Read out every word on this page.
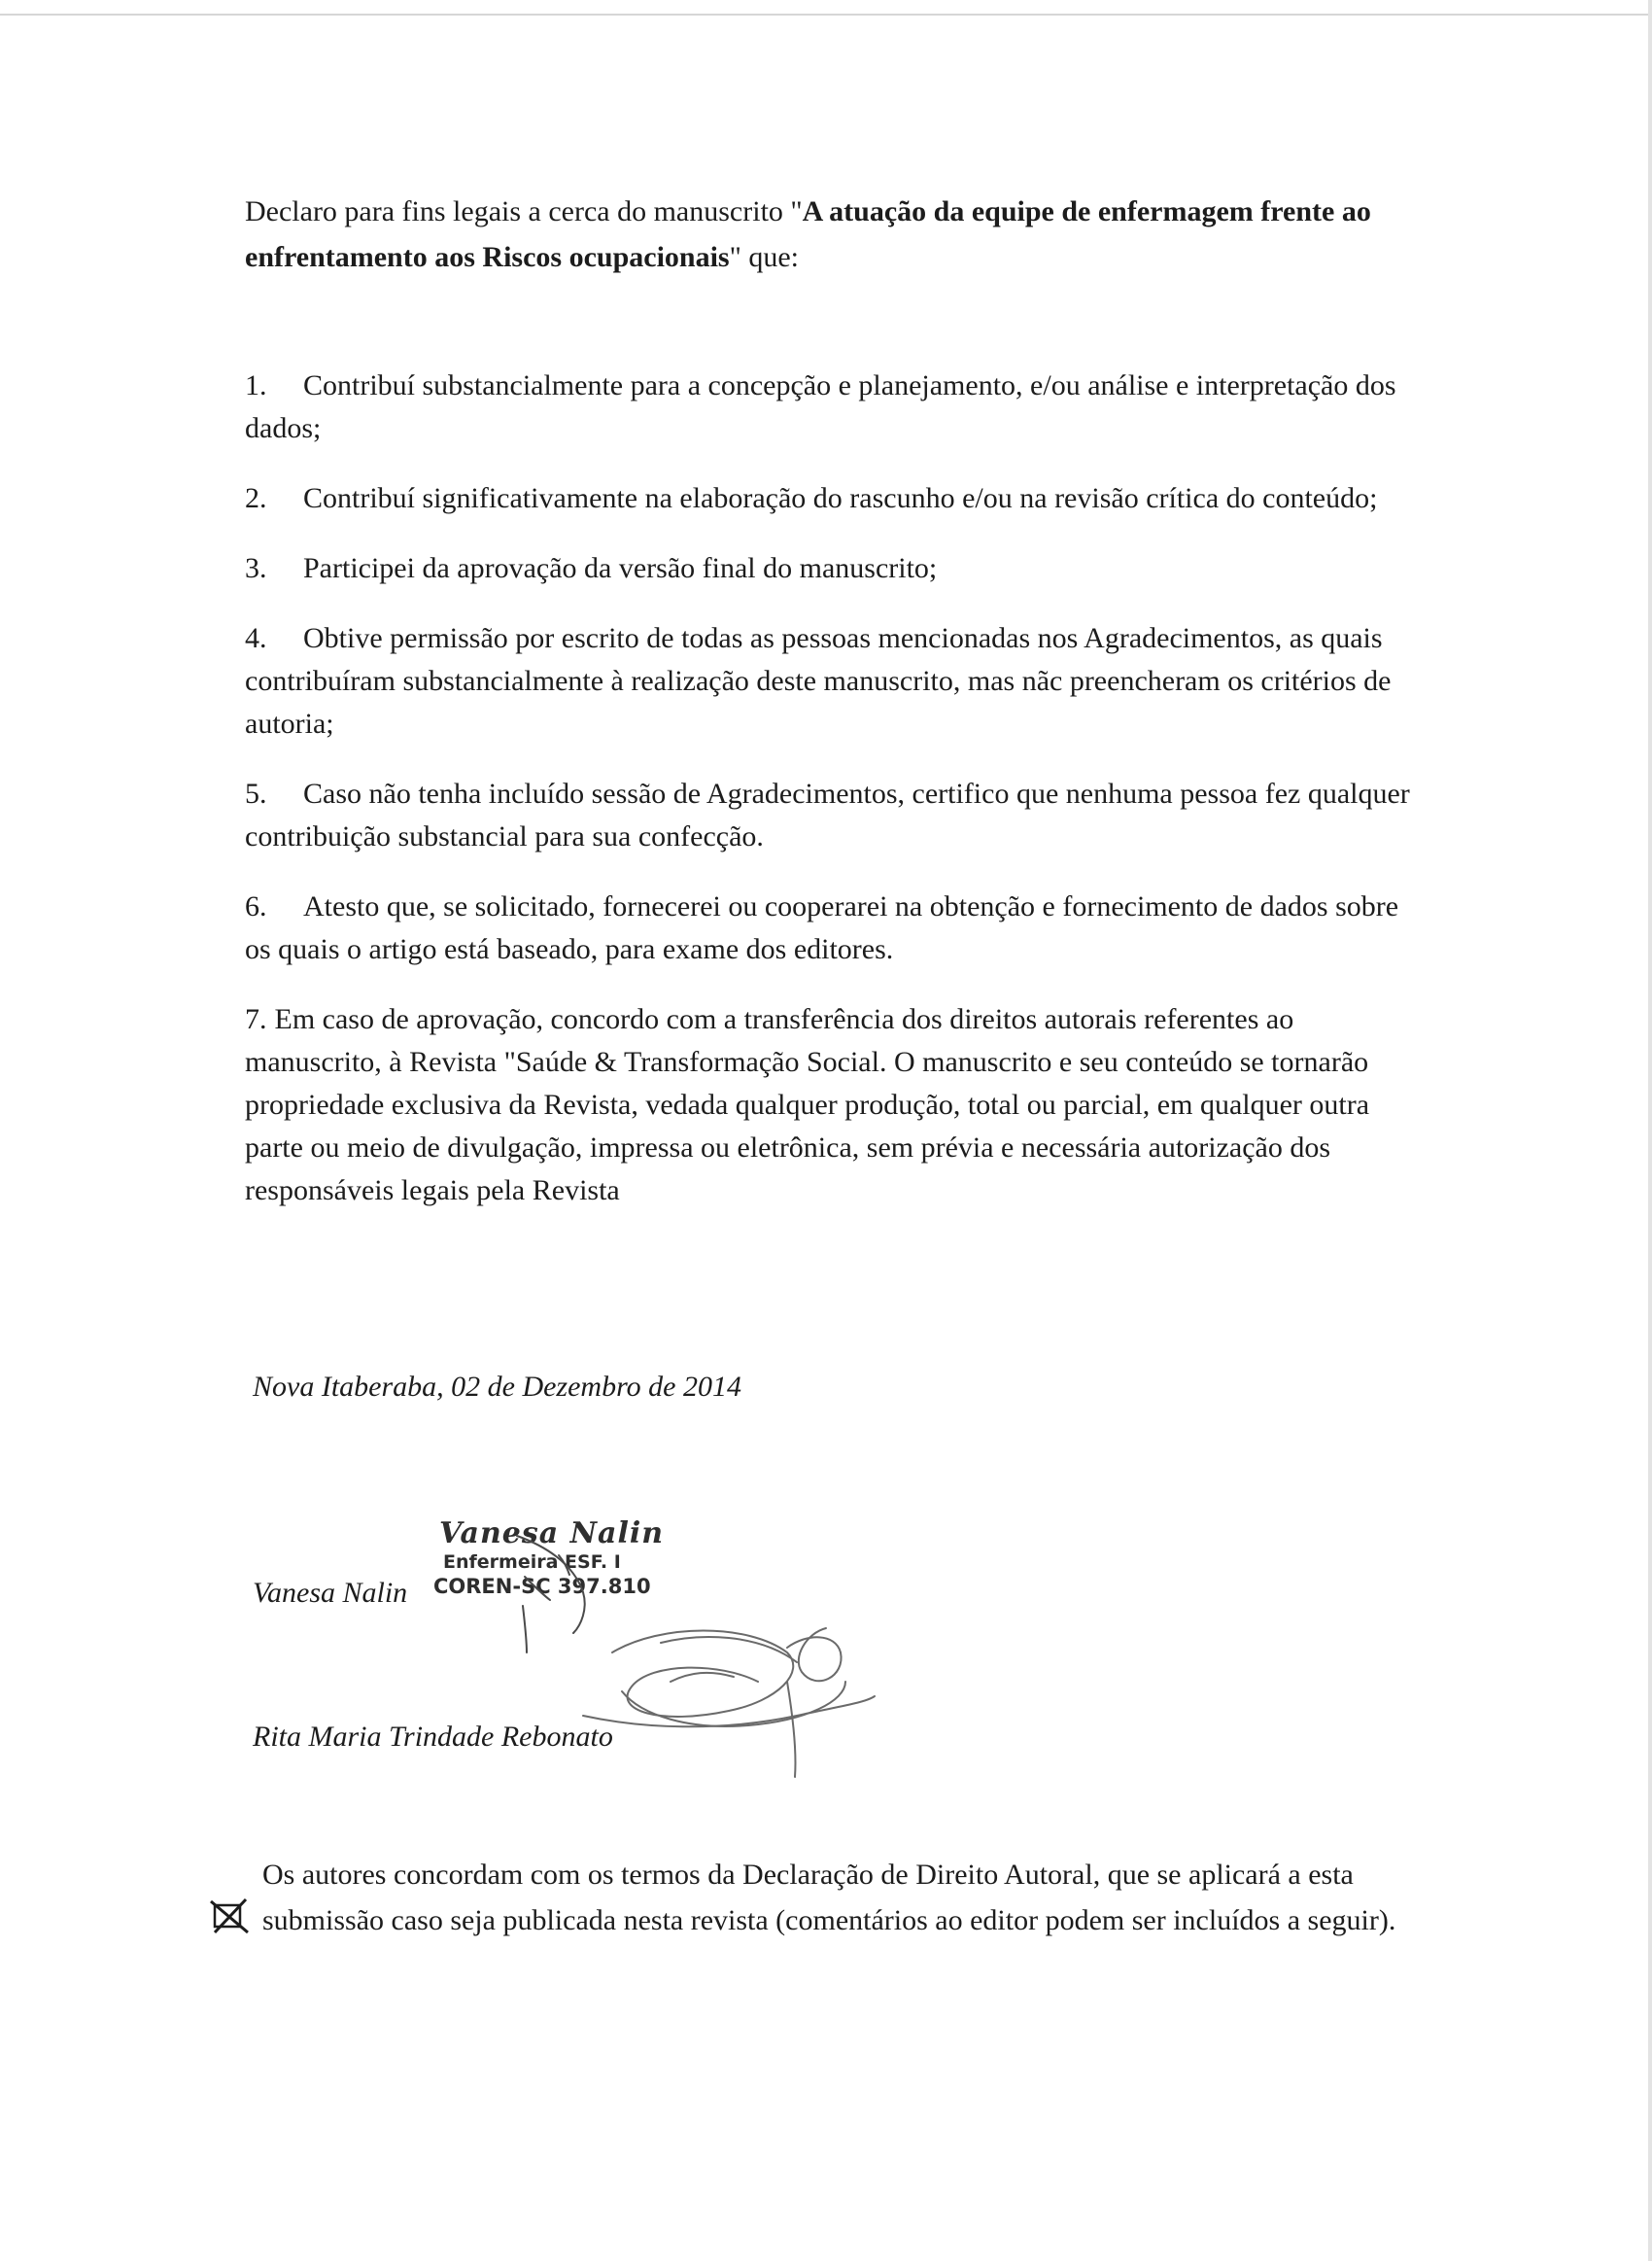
Declaro para fins legais a cerca do manuscrito "A atuação da equipe de enfermagem frente ao enfrentamento aos Riscos ocupacionais" que:

1. Contribuí substancialmente para a concepção e planejamento, e/ou análise e interpretação dos dados;
2. Contribuí significativamente na elaboração do rascunho e/ou na revisão crítica do conteúdo;
3. Participei da aprovação da versão final do manuscrito;
4. Obtive permissão por escrito de todas as pessoas mencionadas nos Agradecimentos, as quais contribuíram substancialmente à realização deste manuscrito, mas nãc preencheram os critérios de autoria;
5. Caso não tenha incluído sessão de Agradecimentos, certifico que nenhuma pessoa fez qualquer contribuição substancial para sua confecção.
6. Atesto que, se solicitado, fornecerei ou cooperarei na obtenção e fornecimento de dados sobre os quais o artigo está baseado, para exame dos editores.
7. Em caso de aprovação, concordo com a transferência dos direitos autorais referentes ao manuscrito, à Revista "Saúde & Transformação Social. O manuscrito e seu conteúdo se tornarão propriedade exclusiva da Revista, vedada qualquer produção, total ou parcial, em qualquer outra parte ou meio de divulgação, impressa ou eletrônica, sem prévia e necessária autorização dos responsáveis legais pela Revista
Nova Itaberaba, 02 de Dezembro de 2014
Vanesa Nalin
Vanesa Nalin
Enfermeira ESF. I
COREN-SC 397.810
Rita Maria Trindade Rebonato

Os autores concordam com os termos da Declaração de Direito Autoral, que se aplicará a esta submissão caso seja publicada nesta revista (comentários ao editor podem ser incluídos a seguir).
